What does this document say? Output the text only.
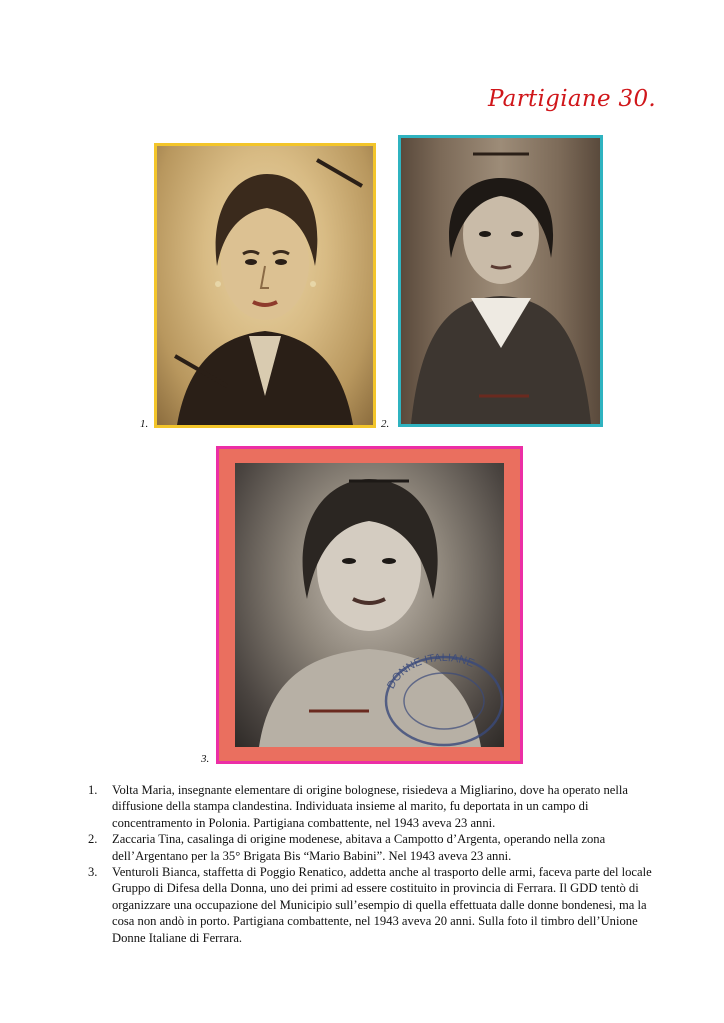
Partigiane 30.
1.	2.
DONNE ITALIANE
3.
1. Volta Maria, insegnante elementare di origine bolognese, risiedeva a Migliarino, dove ha operato nella diffusione della stampa clandestina. Individuata insieme al marito, fu deportata in un campo di concentramento in Polonia. Partigiana combattente, nel 1943 aveva 23 anni.
2. Zaccaria Tina, casalinga di origine modenese, abitava a Campotto d’Argenta, operando nella zona dell’Argentano per la 35° Brigata Bis “Mario Babini”. Nel 1943 aveva 23 anni.
3. Venturoli Bianca, staffetta di Poggio Renatico, addetta anche al trasporto delle armi, faceva parte del locale Gruppo di Difesa della Donna, uno dei primi ad essere costituito in provincia di Ferrara. Il GDD tentò di organizzare una occupazione del Municipio sull’esempio di quella effettuata dalle donne bondenesi, ma la cosa non andò in porto. Partigiana combattente, nel 1943 aveva 20 anni. Sulla foto il timbro dell’Unione Donne Italiane di Ferrara.
